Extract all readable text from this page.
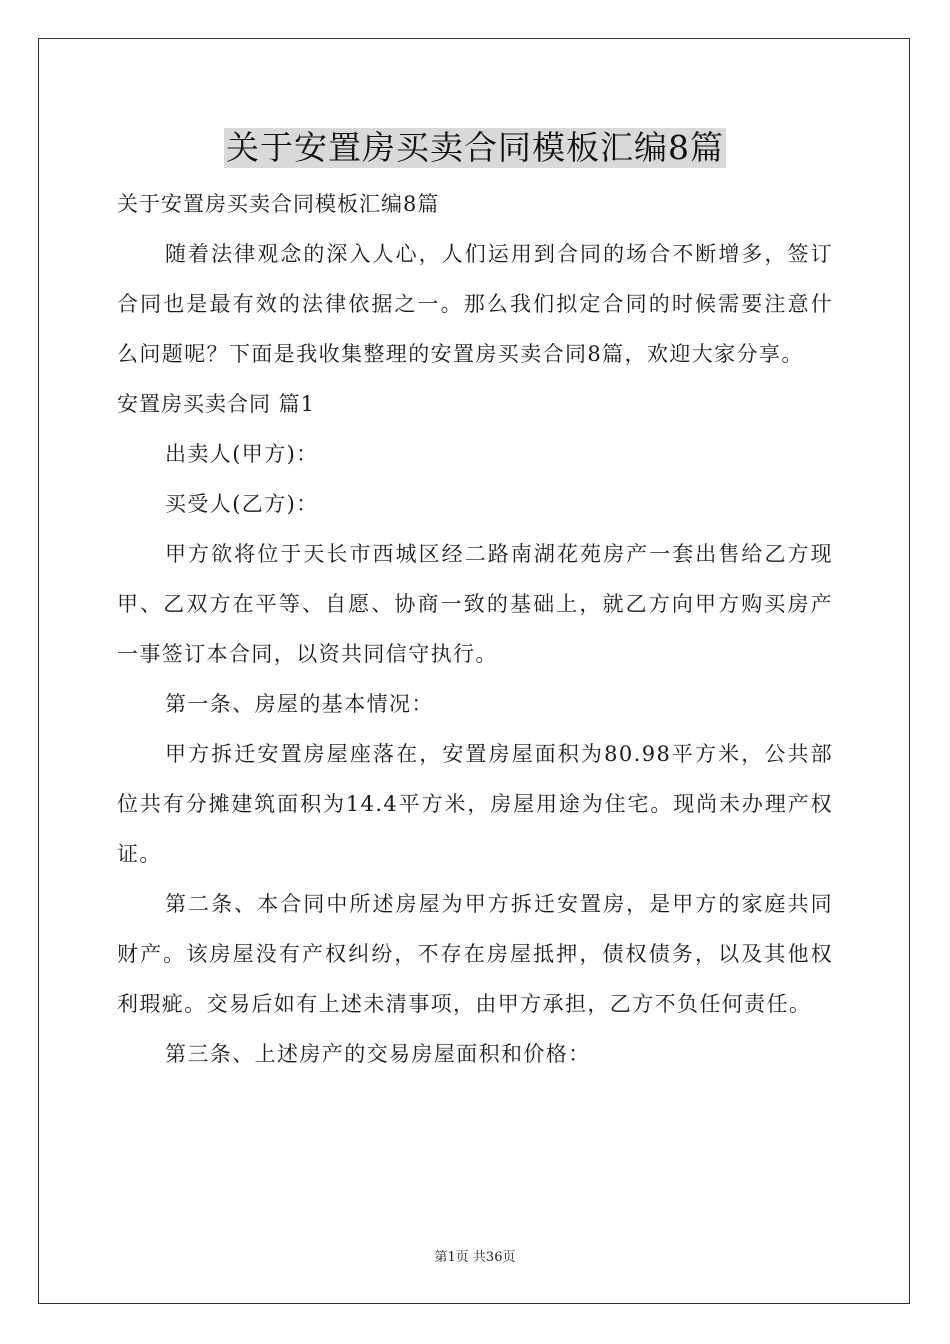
关于安置房买卖合同模板汇编8篇

关于安置房买卖合同模板汇编8篇

随着法律观念的深入人心，人们运用到合同的场合不断增多，签订合同也是最有效的法律依据之一。那么我们拟定合同的时候需要注意什么问题呢？下面是我收集整理的安置房买卖合同8篇，欢迎大家分享。

安置房买卖合同 篇1

出卖人(甲方)：

买受人(乙方)：

甲方欲将位于天长市西城区经二路南湖花苑房产一套出售给乙方现甲、乙双方在平等、自愿、协商一致的基础上，就乙方向甲方购买房产一事签订本合同，以资共同信守执行。

第一条、房屋的基本情况：

甲方拆迁安置房屋座落在，安置房屋面积为80.98平方米，公共部位共有分摊建筑面积为14.4平方米，房屋用途为住宅。现尚未办理产权证。

第二条、本合同中所述房屋为甲方拆迁安置房，是甲方的家庭共同财产。该房屋没有产权纠纷，不存在房屋抵押，债权债务，以及其他权利瑕疵。交易后如有上述未清事项，由甲方承担，乙方不负任何责任。

第三条、上述房产的交易房屋面积和价格：

第1页 共36页
